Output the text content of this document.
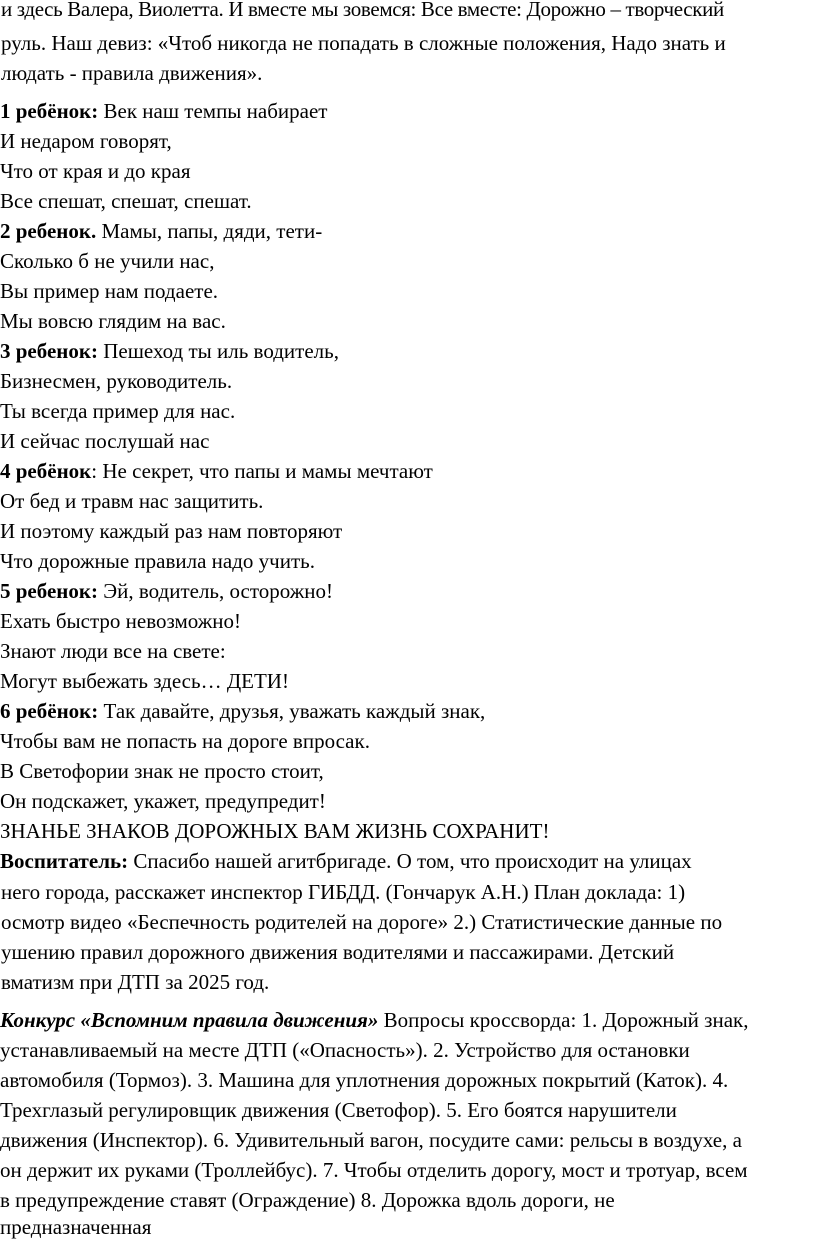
и здесь Валера, Виолетта. И вместе мы зовемся: Все вместе: Дорожно – творческий
руль. Наш девиз: «Чтоб никогда не попадать в сложные положения, Надо знать и
людать - правила движения».
1 ребёнок: Век наш темпы набирает
И недаром говорят,
Что от края и до края
Все спешат, спешат, спешат.
2 ребенок. Мамы, папы, дяди, тети-
Сколько б не учили нас,
Вы пример нам подаете.
Мы вовсю глядим на вас.
3 ребенок: Пешеход ты иль водитель,
Бизнесмен, руководитель.
Ты всегда пример для нас.
И сейчас послушай нас
4 ребёнок: Не секрет, что папы и мамы мечтают
От бед и травм нас защитить.
И поэтому каждый раз нам повторяют
Что дорожные правила надо учить.
5 ребенок: Эй, водитель, осторожно!
Ехать быстро невозможно!
Знают люди все на свете:
Могут выбежать здесь… ДЕТИ!
6 ребёнок: Так давайте, друзья, уважать каждый знак,
Чтобы вам не попасть на дороге впросак.
В Светофории знак не просто стоит,
Он подскажет, укажет, предупредит!
ЗНАНЬЕ ЗНАКОВ ДОРОЖНЫХ ВАМ ЖИЗНЬ СОХРАНИТ!
Воспитатель: Спасибо нашей агитбригаде. О том, что происходит на улицах
него города, расскажет инспектор ГИБДД. (Гончарук А.Н.) План доклада: 1)
осмотр видео «Беспечность родителей на дороге» 2.) Статистические данные по
ушению правил дорожного движения водителями и пассажирами. Детский
вматизм при ДТП за 2025 год.
Конкурс «Вспомним правила движения» Вопросы кроссворда: 1. Дорожный знак,
устанавливаемый на месте ДТП («Опасность»). 2. Устройство для остановки
автомобиля (Тормоз). 3. Машина для уплотнения дорожных покрытий (Каток). 4.
Трехглазый регулировщик движения (Светофор). 5. Его боятся нарушители
движения (Инспектор). 6. Удивительный вагон, посудите сами: рельсы в воздухе, а
он держит их руками (Троллейбус). 7. Чтобы отделить дорогу, мост и тротуар, всем
в предупреждение ставят (Ограждение) 8. Дорожка вдоль дороги, не
предназначенная
